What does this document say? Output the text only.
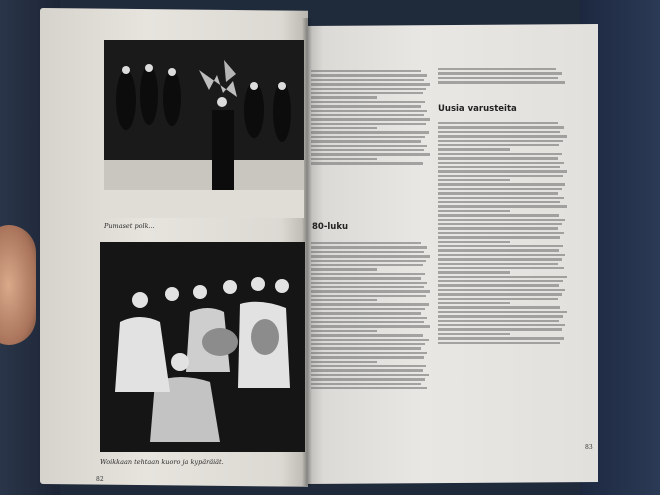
Pumaset polk...
Woikkaan tehtaan kuoro ja kypäräiät.
82
80-luku
Uusia varusteita
83
